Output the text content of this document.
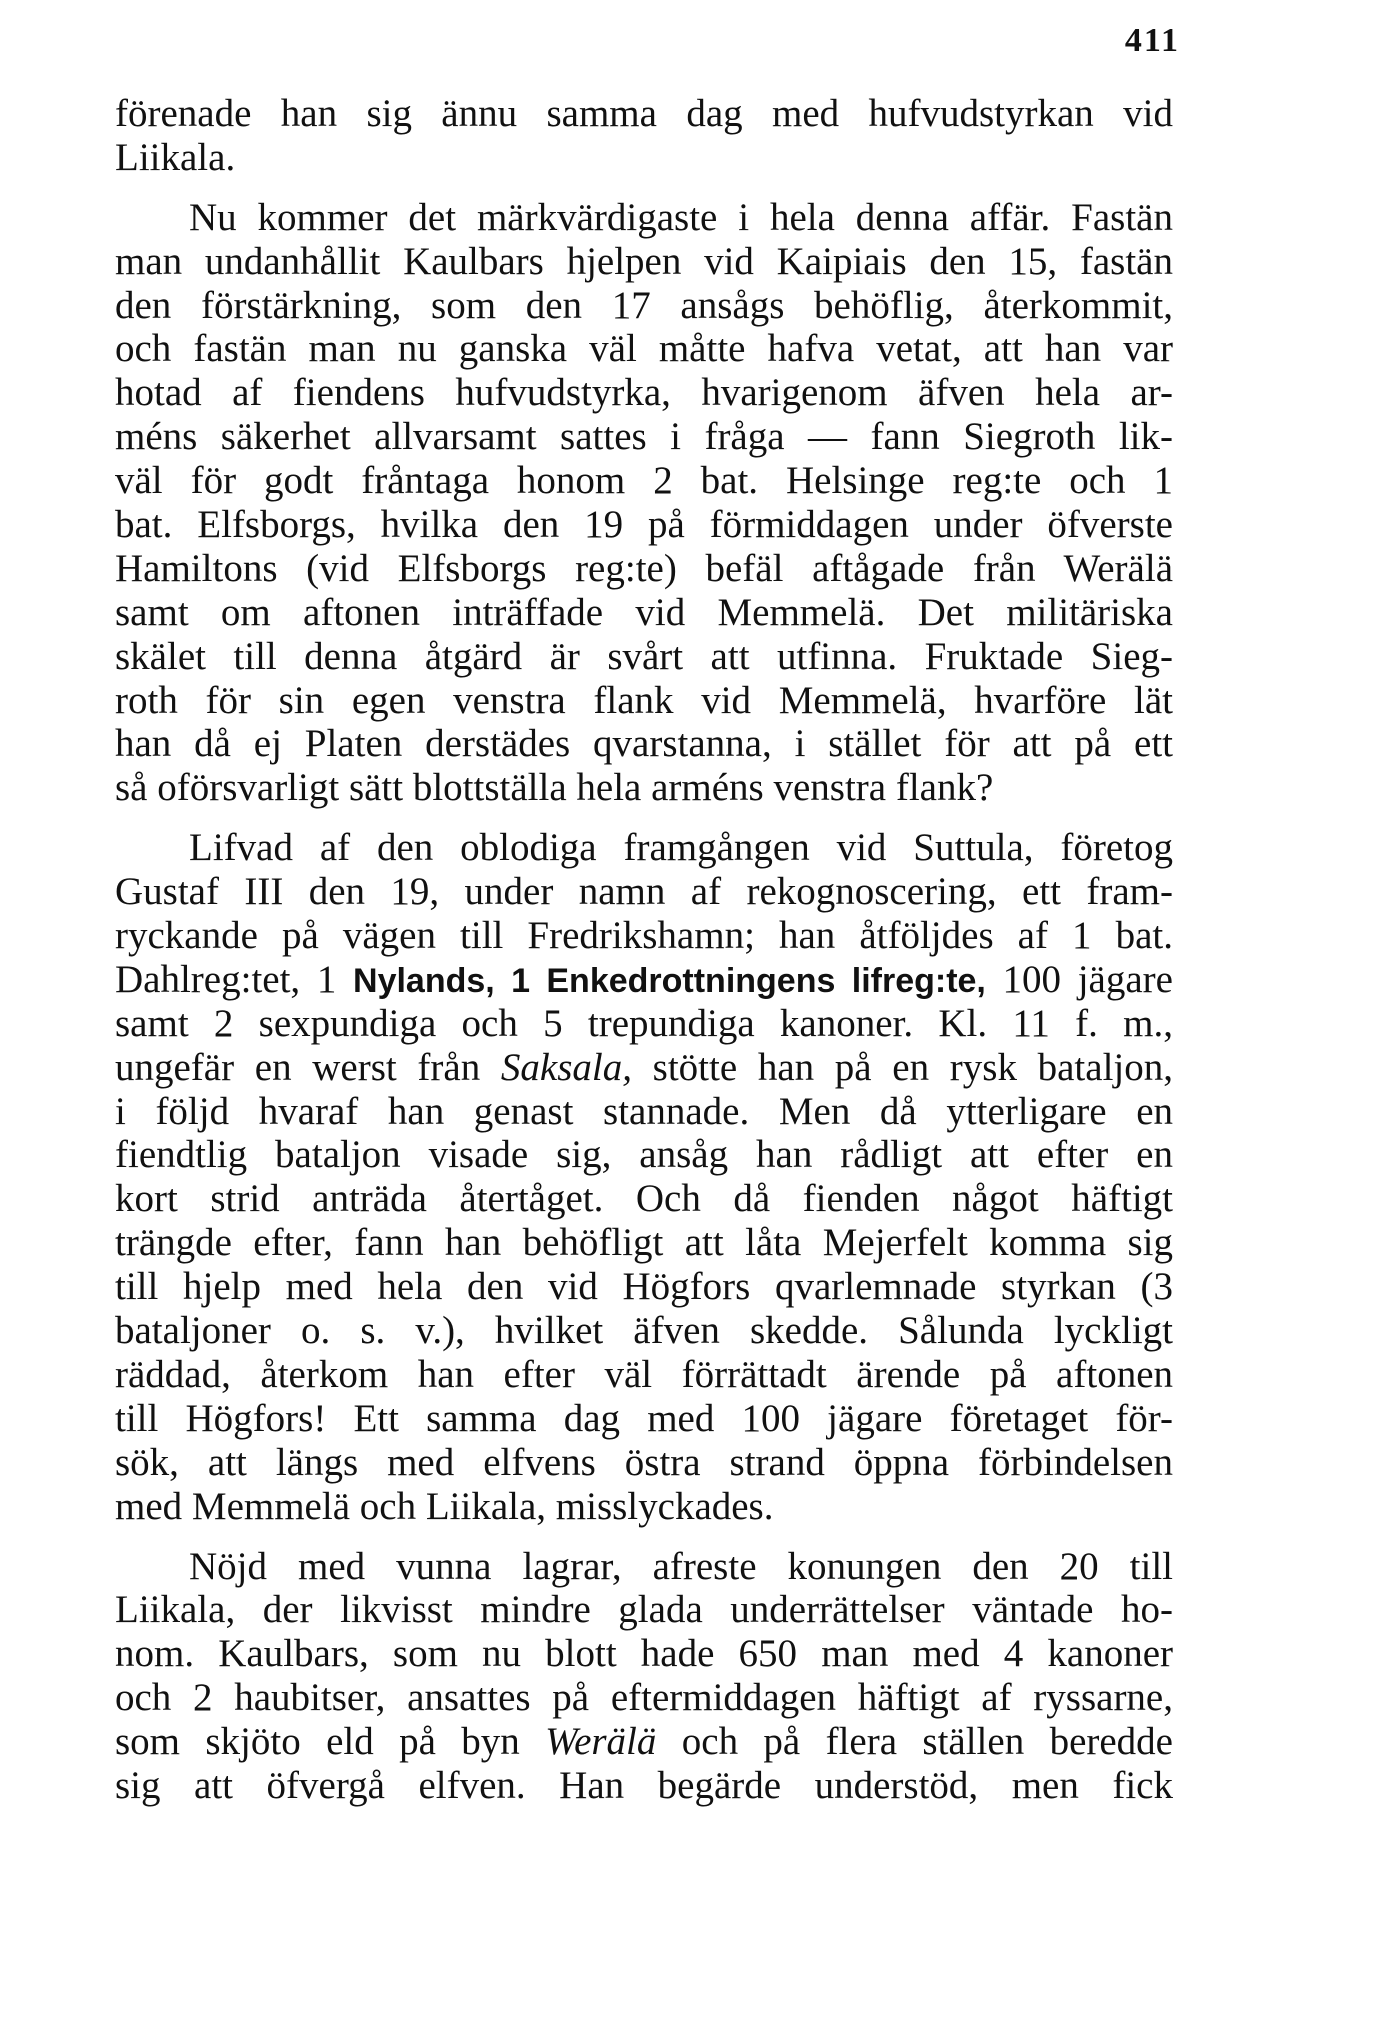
411

förenade han sig ännu samma dag med hufvudstyrkan vid
Liikala.

Nu kommer det märkvärdigaste i hela denna affär. Fastän
man undanhållit Kaulbars hjelpen vid Kaipiais den 15, fastän
den förstärkning, som den 17 ansågs behöflig, återkommit,
och fastän man nu ganska väl måtte hafva vetat, att han var
hotad af fiendens hufvudstyrka, hvarigenom äfven hela ar-
méns säkerhet allvarsamt sattes i fråga — fann Siegroth lik-
väl för godt fråntaga honom 2 bat. Helsinge reg:te och 1
bat. Elfsborgs, hvilka den 19 på förmiddagen under öfverste
Hamiltons (vid Elfsborgs reg:te) befäl aftågade från Werälä
samt om aftonen inträffade vid Memmelä. Det militäriska
skälet till denna åtgärd är svårt att utfinna. Fruktade Sieg-
roth för sin egen venstra flank vid Memmelä, hvarföre lät
han då ej Platen derstädes qvarstanna, i stället för att på ett
så oförsvarligt sätt blottställa hela arméns venstra flank?

Lifvad af den oblodiga framgången vid Suttula, företog
Gustaf III den 19, under namn af rekognoscering, ett fram-
ryckande på vägen till Fredrikshamn; han åtföljdes af 1 bat.
Dahlreg:tet, 1 Nylands, 1 Enkedrottningens lifreg:te, 100 jägare
samt 2 sexpundiga och 5 trepundiga kanoner. Kl. 11 f. m.,
ungefär en werst från Saksala, stötte han på en rysk bataljon,
i följd hvaraf han genast stannade. Men då ytterligare en
fiendtlig bataljon visade sig, ansåg han rådligt att efter en
kort strid anträda återtåget. Och då fienden något häftigt
trängde efter, fann han behöfligt att låta Mejerfelt komma sig
till hjelp med hela den vid Högfors qvarlemnade styrkan (3
bataljoner o. s. v.), hvilket äfven skedde. Sålunda lyckligt
räddad, återkom han efter väl förrättadt ärende på aftonen
till Högfors! Ett samma dag med 100 jägare företaget för-
sök, att längs med elfvens östra strand öppna förbindelsen
med Memmelä och Liikala, misslyckades.

Nöjd med vunna lagrar, afreste konungen den 20 till
Liikala, der likvisst mindre glada underrättelser väntade ho-
nom. Kaulbars, som nu blott hade 650 man med 4 kanoner
och 2 haubitser, ansattes på eftermiddagen häftigt af ryssarne,
som skjöto eld på byn Werälä och på flera ställen beredde
sig att öfvergå elfven. Han begärde understöd, men fick
